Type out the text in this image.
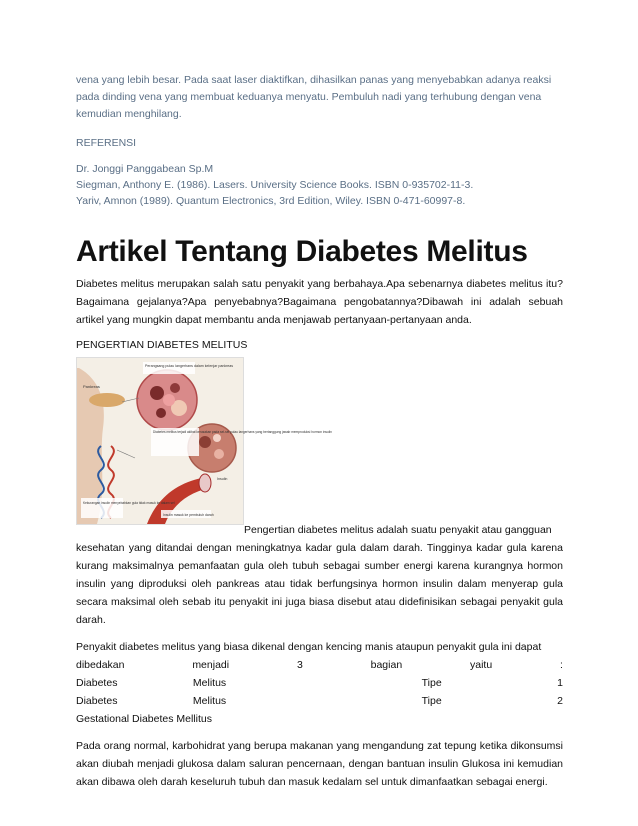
vena yang lebih besar. Pada saat laser diaktifkan, dihasilkan panas yang menyebabkan adanya reaksi

pada dinding vena yang membuat keduanya menyatu. Pembuluh nadi yang terhubung dengan vena

kemudian menghilang.

REFERENSI
Dr. Jonggi Panggabean Sp.M
Siegman, Anthony E. (1986). Lasers. University Science Books. ISBN 0-935702-11-3.
Yariv, Amnon (1989). Quantum Electronics, 3rd Edition, Wiley. ISBN 0-471-60997-8.
Artikel Tentang Diabetes Melitus

Diabetes melitus merupakan salah satu penyakit yang berbahaya.Apa sebenarnya diabetes melitus itu? Bagaimana gejalanya?Apa penyebabnya?Bagaimana pengobatannya?Dibawah ini adalah sebuah artikel yang mungkin dapat membantu anda menjawab pertanyaan-pertanyaan anda.

PENGERTIAN DIABETES MELITUS
Perangsang pulau langerhans dalam kelenjar pankreas
Pankreas
Diabetes melitus terjadi akibat kerusakan pada sel-sel pulau langerhans yang bertanggung jawab memproduksi hormon insulin
Insulin
Kekurangan insulin menyebabkan gula tidak masuk ke dalam sel
Insulin masuk ke pembuluh darah

Pengertian diabetes melitus adalah suatu penyakit atau gangguan

kesehatan yang ditandai dengan meningkatnya kadar gula dalam darah. Tingginya kadar gula karena kurang maksimalnya pemanfaatan gula oleh tubuh sebagai sumber energi karena kurangnya hormon insulin yang diproduksi oleh pankreas atau tidak berfungsinya hormon insulin dalam menyerap gula secara maksimal oleh sebab itu penyakit ini juga biasa disebut atau didefinisikan sebagai penyakit gula darah.

Penyakit diabetes melitus yang biasa dikenal dengan kencing manis ataupun penyakit gula ini dapat

dibedakan	menjadi	3	bagian	yaitu	:
Diabetes	Melitus	Tipe	1
Diabetes	Melitus	Tipe	2

Gestational Diabetes Mellitus

Pada orang normal, karbohidrat yang berupa makanan yang mengandung zat tepung ketika dikonsumsi akan diubah menjadi glukosa dalam saluran pencernaan, dengan bantuan insulin Glukosa ini kemudian akan dibawa oleh darah keseluruh tubuh dan masuk kedalam sel untuk dimanfaatkan sebagai energi.
